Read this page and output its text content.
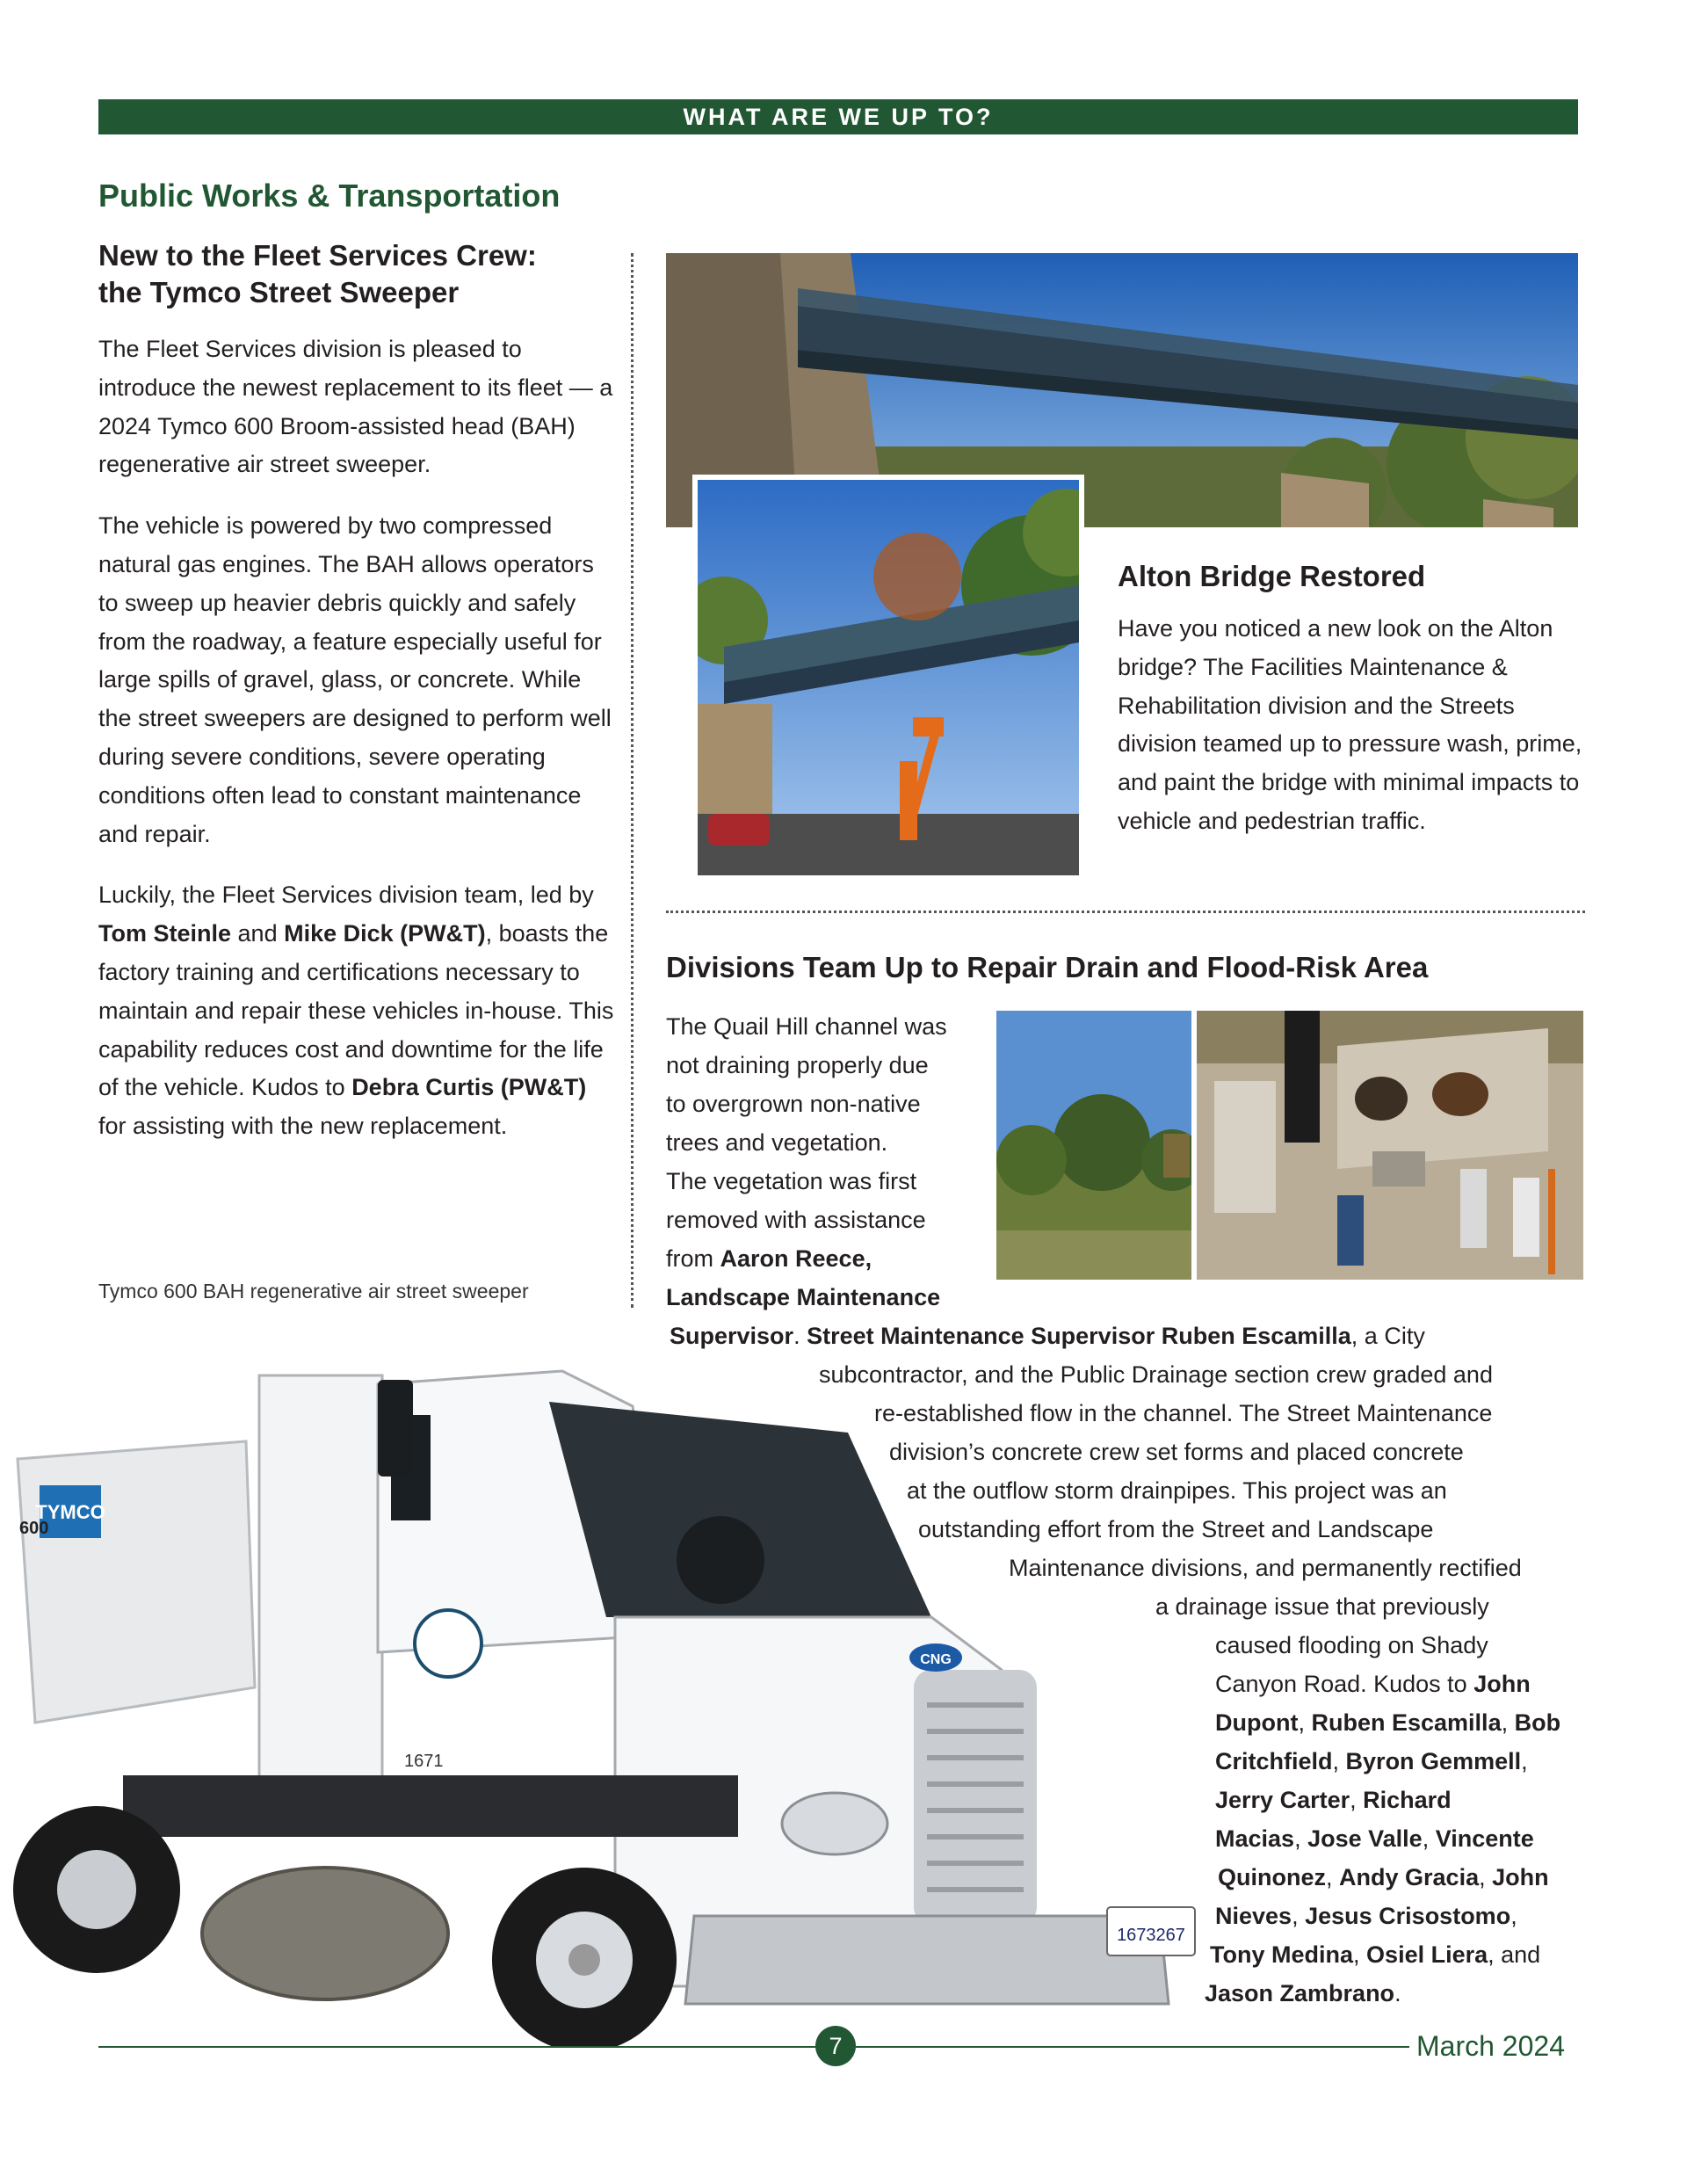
WHAT ARE WE UP TO?
Public Works & Transportation
New to the Fleet Services Crew:
the Tymco Street Sweeper

The Fleet Services division is pleased to introduce the newest replacement to its fleet — a 2024 Tymco 600 Broom-assisted head (BAH) regenerative air street sweeper.

The vehicle is powered by two compressed natural gas engines. The BAH allows operators to sweep up heavier debris quickly and safely from the roadway, a feature especially useful for large spills of gravel, glass, or concrete. While the street sweepers are designed to perform well during severe conditions, severe operating conditions often lead to constant maintenance and repair.

Luckily, the Fleet Services division team, led by Tom Steinle and Mike Dick (PW&T), boasts the factory training and certifications necessary to maintain and repair these vehicles in-house. This capability reduces cost and downtime for the life of the vehicle. Kudos to Debra Curtis (PW&T) for assisting with the new replacement.

Tymco 600 BAH regenerative air street sweeper
Alton Bridge Restored
Have you noticed a new look on the Alton bridge? The Facilities Maintenance & Rehabilitation division and the Streets division teamed up to pressure wash, prime, and paint the bridge with minimal impacts to vehicle and pedestrian traffic.
Divisions Team Up to Repair Drain and Flood-Risk Area
The Quail Hill channel was
not draining properly due
to overgrown non-native
trees and vegetation.
The vegetation was first
removed with assistance
from Aaron Reece,
Landscape Maintenance
Supervisor. Street Maintenance Supervisor Ruben Escamilla, a City
subcontractor, and the Public Drainage section crew graded and
re-established flow in the channel. The Street Maintenance
division’s concrete crew set forms and placed concrete
at the outflow storm drainpipes. This project was an
outstanding effort from the Street and Landscape
Maintenance divisions, and permanently rectified
a drainage issue that previously
caused flooding on Shady
Canyon Road. Kudos to John
Dupont, Ruben Escamilla, Bob
Critchfield, Byron Gemmell,
Jerry Carter, Richard
Macias, Jose Valle, Vincente
Quinonez, Andy Gracia, John
Nieves, Jesus Crisostomo,
Tony Medina, Osiel Liera, and
Jason Zambrano.
TYMCO
600
CNG
1673267
1671
7	March 2024
